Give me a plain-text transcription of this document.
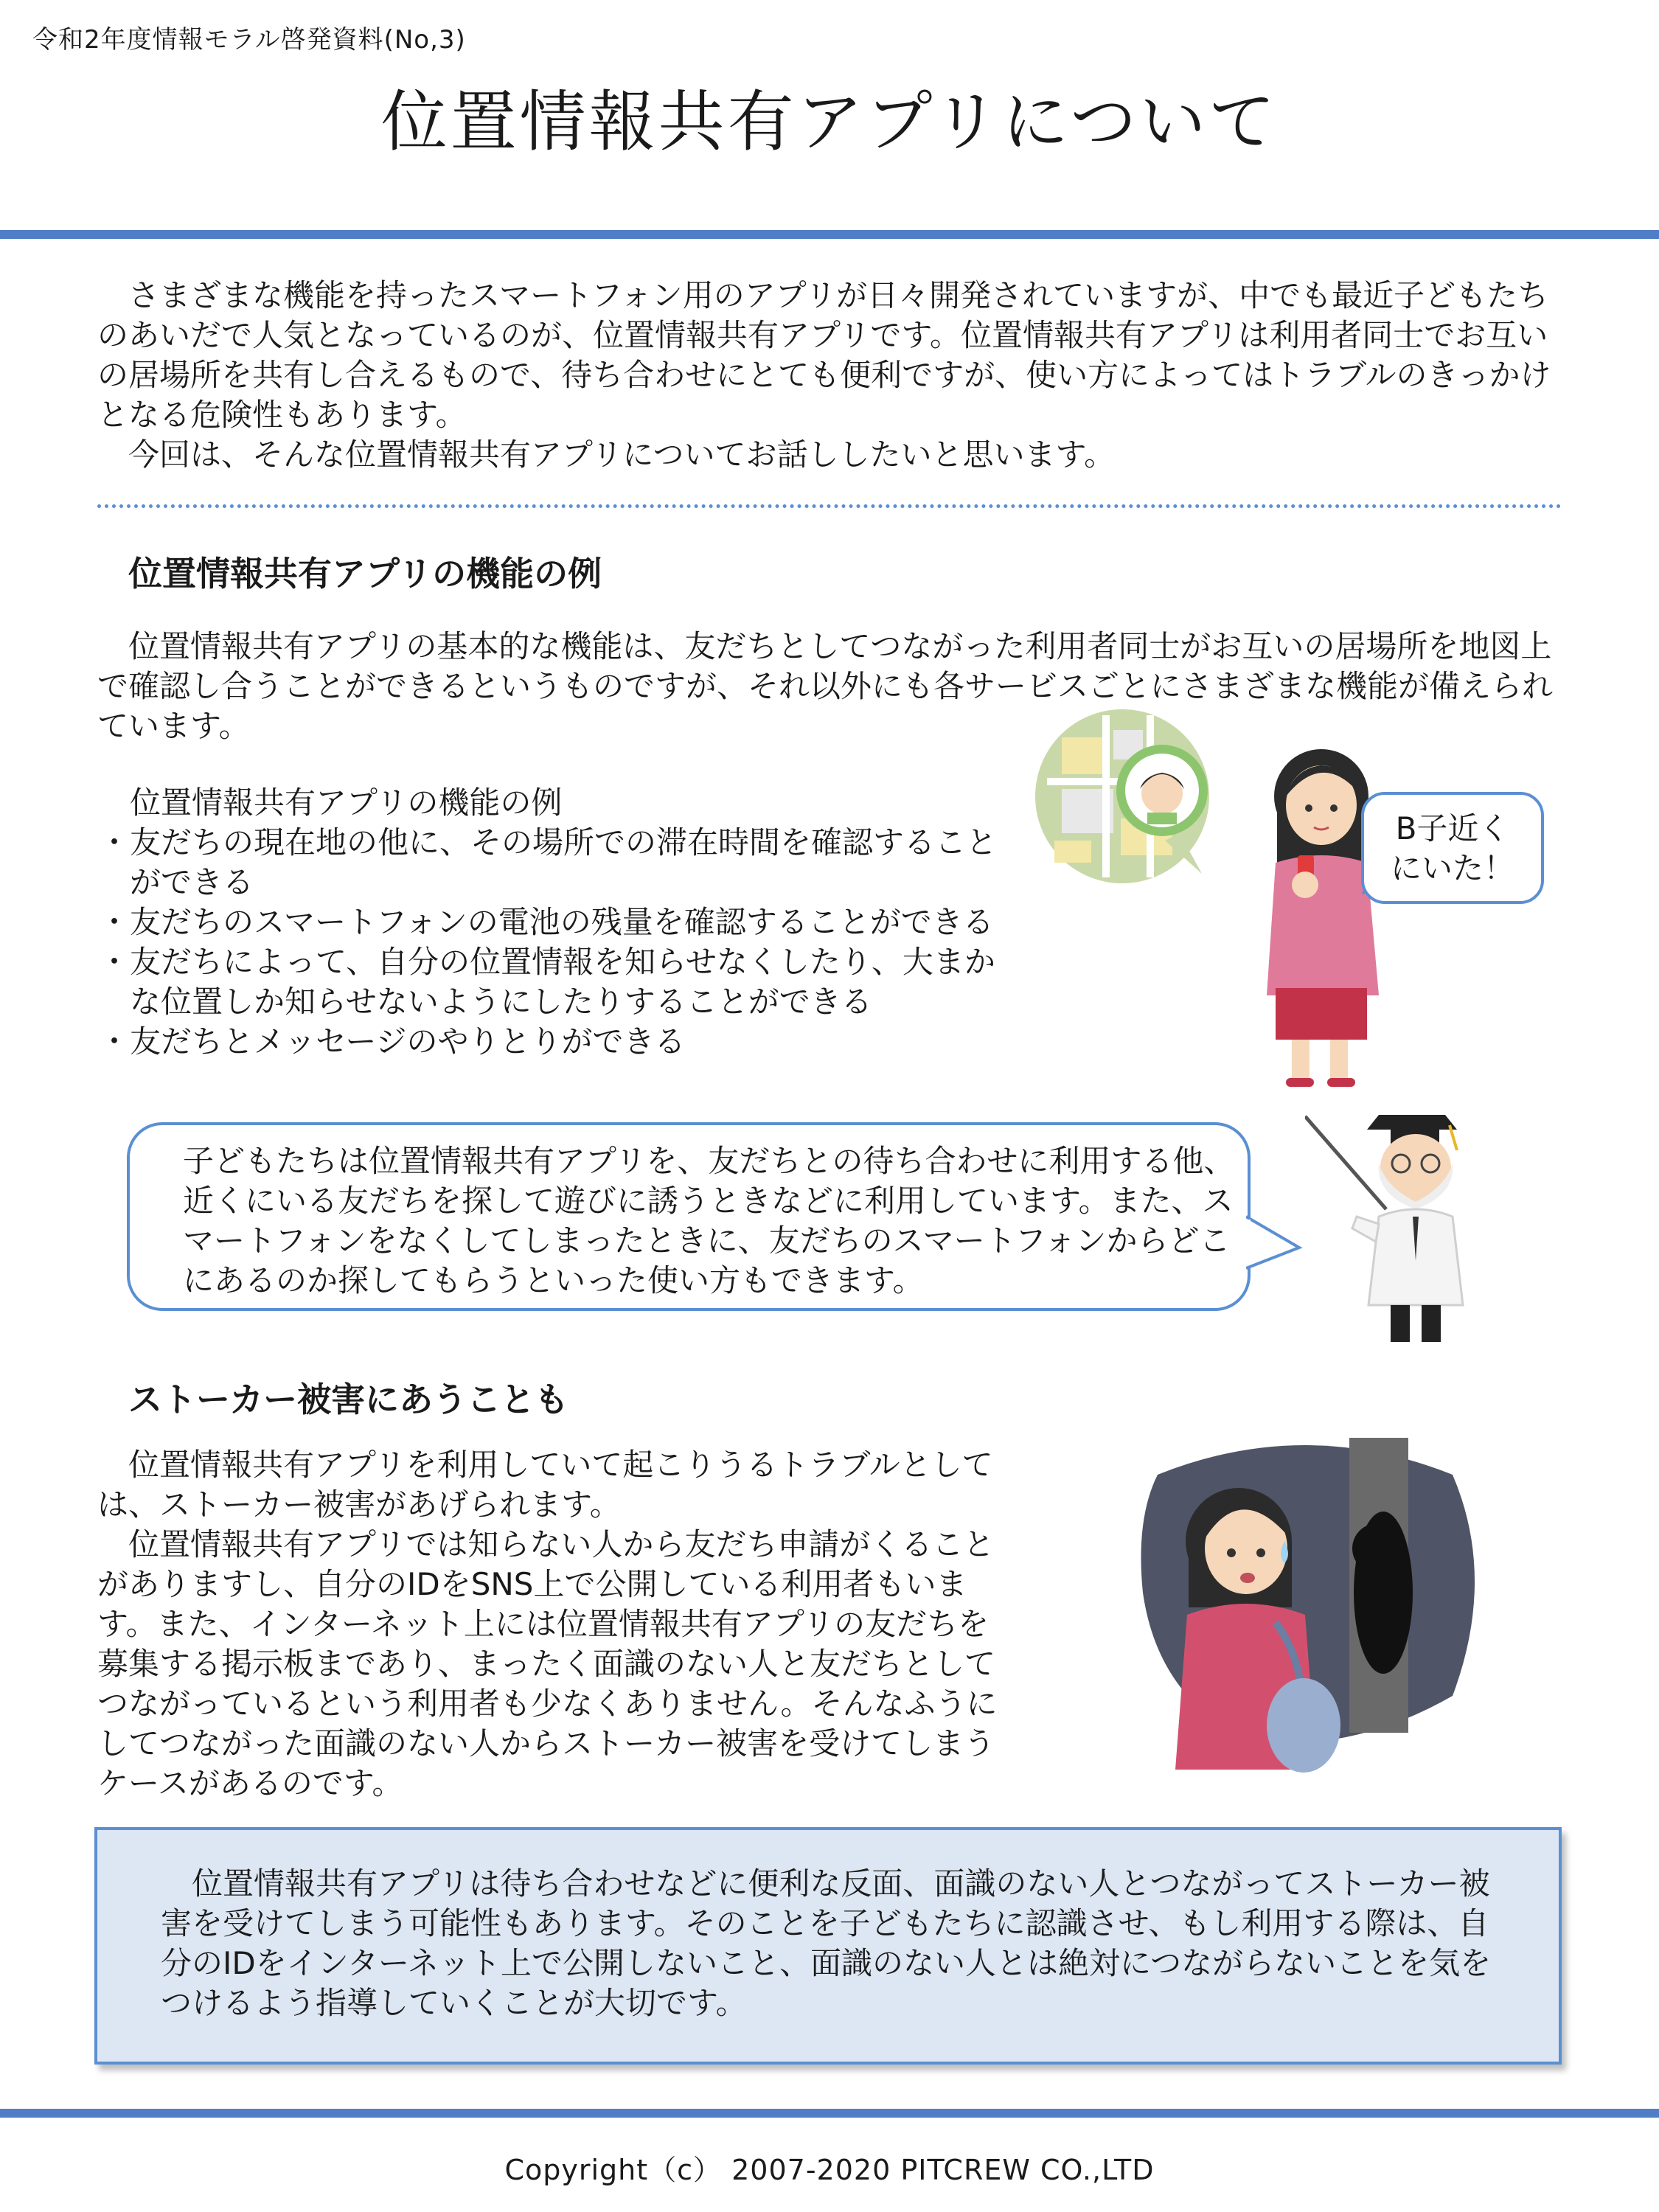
令和2年度情報モラル啓発資料(No,3)
位置情報共有アプリについて

さまざまな機能を持ったスマートフォン用のアプリが日々開発されていますが、中でも最近子どもたちのあいだで人気となっているのが、位置情報共有アプリです。位置情報共有アプリは利用者同士でお互いの居場所を共有し合えるもので、待ち合わせにとても便利ですが、使い方によってはトラブルのきっかけとなる危険性もあります。

今回は、そんな位置情報共有アプリについてお話ししたいと思います。

位置情報共有アプリの機能の例

位置情報共有アプリの基本的な機能は、友だちとしてつながった利用者同士がお互いの居場所を地図上で確認し合うことができるというものですが、それ以外にも各サービスごとにさまざまな機能が備えられています。

位置情報共有アプリの機能の例
・友だちの現在地の他に、その場所での滞在時間を確認することができる
・友だちのスマートフォンの電池の残量を確認することができる
・友だちによって、自分の位置情報を知らせなくしたり、大まかな位置しか知らせないようにしたりすることができる
・友だちとメッセージのやりとりができる
B子近く
にいた！
子どもたちは位置情報共有アプリを、友だちとの待ち合わせに利用する他、近くにいる友だちを探して遊びに誘うときなどに利用しています。また、スマートフォンをなくしてしまったときに、友だちのスマートフォンからどこにあるのか探してもらうといった使い方もできます。
ストーカー被害にあうことも

位置情報共有アプリを利用していて起こりうるトラブルとしては、ストーカー被害があげられます。

位置情報共有アプリでは知らない人から友だち申請がくることがありますし、自分のIDをSNS上で公開している利用者もいます。また、インターネット上には位置情報共有アプリの友だちを募集する掲示板まであり、まったく面識のない人と友だちとしてつながっているという利用者も少なくありません。そんなふうにしてつながった面識のない人からストーカー被害を受けてしまうケースがあるのです。

位置情報共有アプリは待ち合わせなどに便利な反面、面識のない人とつながってストーカー被害を受けてしまう可能性もあります。そのことを子どもたちに認識させ、もし利用する際は、自分のIDをインターネット上で公開しないこと、面識のない人とは絶対につながらないことを気をつけるよう指導していくことが大切です。

Copyright（c） 2007-2020 PITCREW CO.,LTD
